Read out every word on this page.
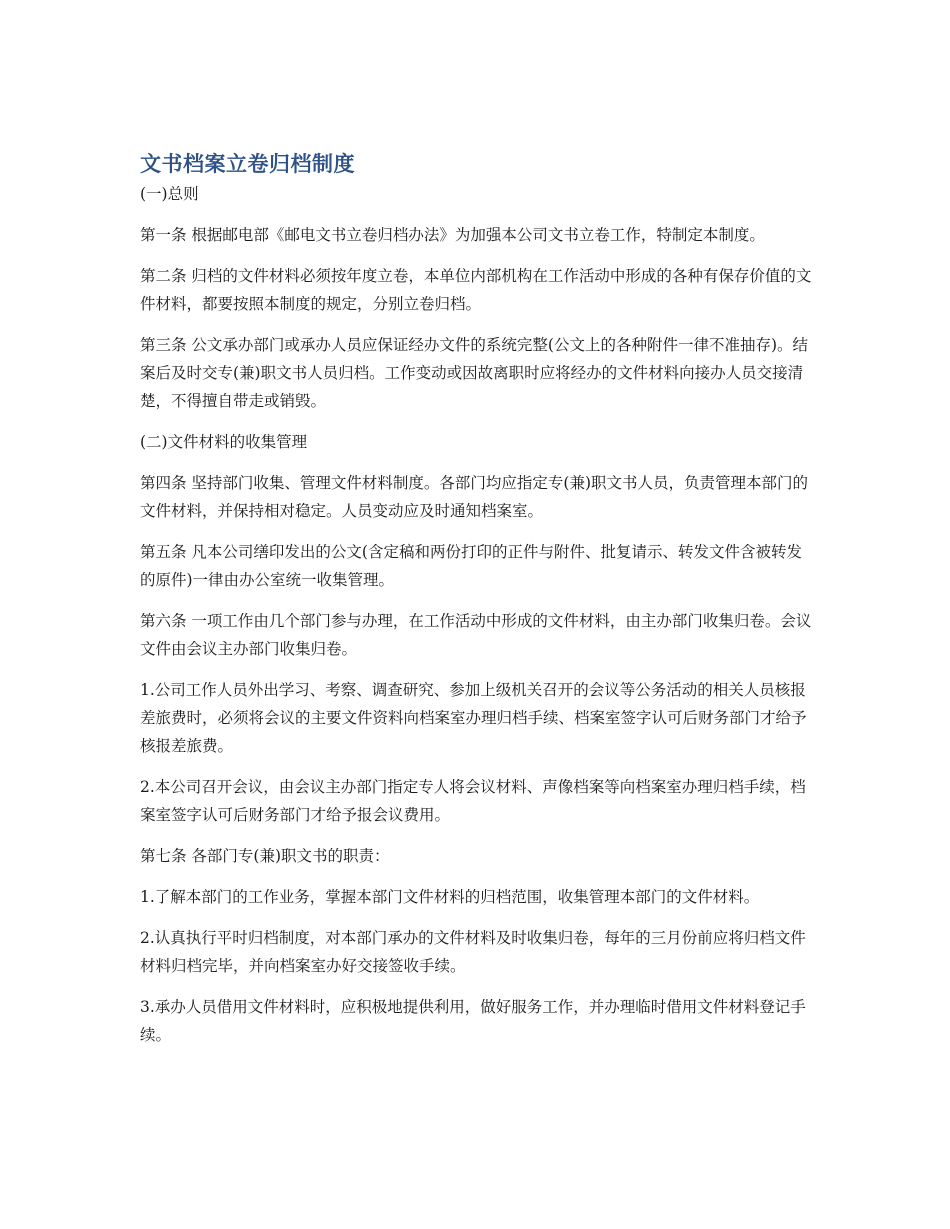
文书档案立卷归档制度

(一)总则

第一条 根据邮电部《邮电文书立卷归档办法》为加强本公司文书立卷工作，特制定本制度。

第二条 归档的文件材料必须按年度立卷，本单位内部机构在工作活动中形成的各种有保存价值的文件材料，都要按照本制度的规定，分别立卷归档。

第三条 公文承办部门或承办人员应保证经办文件的系统完整(公文上的各种附件一律不准抽存)。结案后及时交专(兼)职文书人员归档。工作变动或因故离职时应将经办的文件材料向接办人员交接清楚，不得擅自带走或销毁。

(二)文件材料的收集管理

第四条 坚持部门收集、管理文件材料制度。各部门均应指定专(兼)职文书人员，负责管理本部门的文件材料，并保持相对稳定。人员变动应及时通知档案室。

第五条 凡本公司缮印发出的公文(含定稿和两份打印的正件与附件、批复请示、转发文件含被转发的原件)一律由办公室统一收集管理。

第六条 一项工作由几个部门参与办理，在工作活动中形成的文件材料，由主办部门收集归卷。会议文件由会议主办部门收集归卷。

1.公司工作人员外出学习、考察、调查研究、参加上级机关召开的会议等公务活动的相关人员核报差旅费时，必须将会议的主要文件资料向档案室办理归档手续、档案室签字认可后财务部门才给予核报差旅费。

2.本公司召开会议，由会议主办部门指定专人将会议材料、声像档案等向档案室办理归档手续，档案室签字认可后财务部门才给予报会议费用。

第七条 各部门专(兼)职文书的职责：

1.了解本部门的工作业务，掌握本部门文件材料的归档范围，收集管理本部门的文件材料。

2.认真执行平时归档制度，对本部门承办的文件材料及时收集归卷，每年的三月份前应将归档文件材料归档完毕，并向档案室办好交接签收手续。

3.承办人员借用文件材料时，应积极地提供利用，做好服务工作，并办理临时借用文件材料登记手续。
